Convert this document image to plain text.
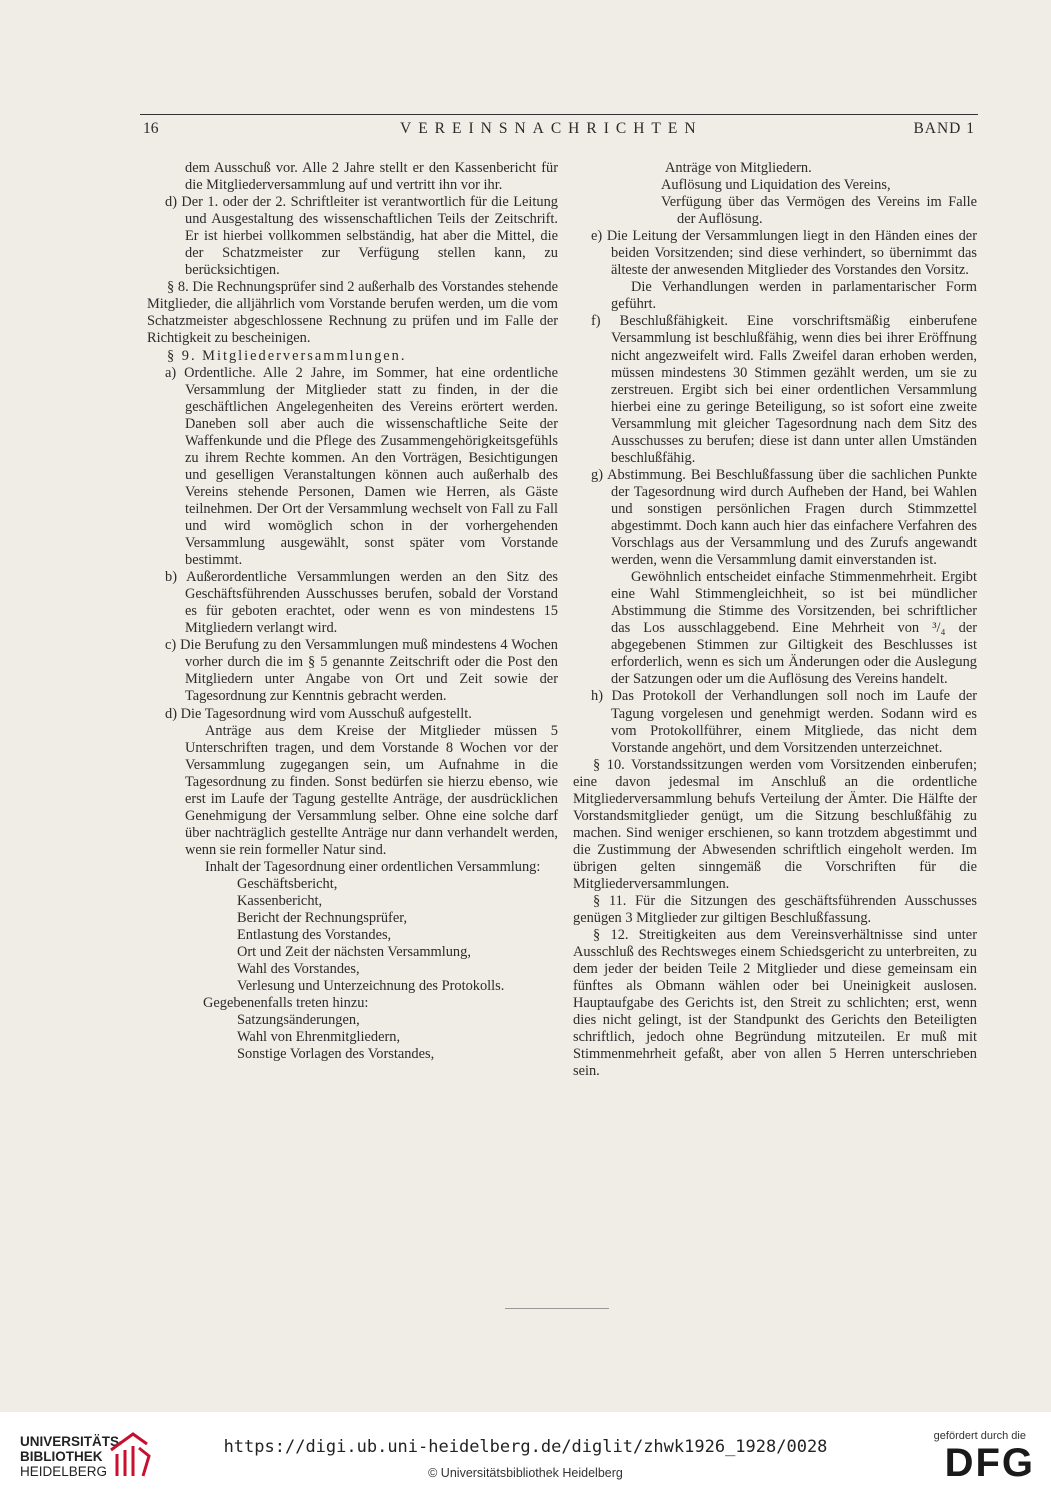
16	VEREINSNACHRICHTEN	BAND 1

dem Ausschuß vor. Alle 2 Jahre stellt er den Kassenbericht für die Mitgliederversammlung auf und vertritt ihn vor ihr.

d) Der 1. oder der 2. Schriftleiter ist verantwortlich für die Leitung und Ausgestaltung des wissenschaftlichen Teils der Zeitschrift. Er ist hierbei vollkommen selbständig, hat aber die Mittel, die der Schatzmeister zur Verfügung stellen kann, zu berücksichtigen.

§ 8. Die Rechnungsprüfer sind 2 außerhalb des Vorstandes stehende Mitglieder, die alljährlich vom Vorstande berufen werden, um die vom Schatzmeister abgeschlossene Rechnung zu prüfen und im Falle der Richtigkeit zu bescheinigen.

§ 9. Mitgliederversammlungen.

a) Ordentliche. Alle 2 Jahre, im Sommer, hat eine ordentliche Versammlung der Mitglieder statt zu finden, in der die geschäftlichen Angelegenheiten des Vereins erörtert werden. Daneben soll aber auch die wissenschaftliche Seite der Waffenkunde und die Pflege des Zusammengehörigkeitsgefühls zu ihrem Rechte kommen. An den Vorträgen, Besichtigungen und geselligen Veranstaltungen können auch außerhalb des Vereins stehende Personen, Damen wie Herren, als Gäste teilnehmen. Der Ort der Versammlung wechselt von Fall zu Fall und wird womöglich schon in der vorhergehenden Versammlung ausgewählt, sonst später vom Vorstande bestimmt.

b) Außerordentliche Versammlungen werden an den Sitz des Geschäftsführenden Ausschusses berufen, sobald der Vorstand es für geboten erachtet, oder wenn es von mindestens 15 Mitgliedern verlangt wird.

c) Die Berufung zu den Versammlungen muß mindestens 4 Wochen vorher durch die im § 5 genannte Zeitschrift oder die Post den Mitgliedern unter Angabe von Ort und Zeit sowie der Tagesordnung zur Kenntnis gebracht werden.

d) Die Tagesordnung wird vom Ausschuß aufgestellt.

Anträge aus dem Kreise der Mitglieder müssen 5 Unterschriften tragen, und dem Vorstande 8 Wochen vor der Versammlung zugegangen sein, um Aufnahme in die Tagesordnung zu finden. Sonst bedürfen sie hierzu ebenso, wie erst im Laufe der Tagung gestellte Anträge, der ausdrücklichen Genehmigung der Versammlung selber. Ohne eine solche darf über nachträglich gestellte Anträge nur dann verhandelt werden, wenn sie rein formeller Natur sind.

Inhalt der Tagesordnung einer ordentlichen Versammlung:

Geschäftsbericht,

Kassenbericht,

Bericht der Rechnungsprüfer,

Entlastung des Vorstandes,

Ort und Zeit der nächsten Versammlung,

Wahl des Vorstandes,

Verlesung und Unterzeichnung des Protokolls.

Gegebenenfalls treten hinzu:

Satzungsänderungen,

Wahl von Ehrenmitgliedern,

Sonstige Vorlagen des Vorstandes,

Anträge von Mitgliedern.

Auflösung und Liquidation des Vereins,

Verfügung über das Vermögen des Vereins im Falle der Auflösung.

e) Die Leitung der Versammlungen liegt in den Händen eines der beiden Vorsitzenden; sind diese verhindert, so übernimmt das älteste der anwesenden Mitglieder des Vorstandes den Vorsitz.

Die Verhandlungen werden in parlamentarischer Form geführt.

f) Beschlußfähigkeit. Eine vorschriftsmäßig einberufene Versammlung ist beschlußfähig, wenn dies bei ihrer Eröffnung nicht angezweifelt wird. Falls Zweifel daran erhoben werden, müssen mindestens 30 Stimmen gezählt werden, um sie zu zerstreuen. Ergibt sich bei einer ordentlichen Versammlung hierbei eine zu geringe Beteiligung, so ist sofort eine zweite Versammlung mit gleicher Tagesordnung nach dem Sitz des Ausschusses zu berufen; diese ist dann unter allen Umständen beschlußfähig.

g) Abstimmung. Bei Beschlußfassung über die sachlichen Punkte der Tagesordnung wird durch Aufheben der Hand, bei Wahlen und sonstigen persönlichen Fragen durch Stimmzettel abgestimmt. Doch kann auch hier das einfachere Verfahren des Vorschlags aus der Versammlung und des Zurufs angewandt werden, wenn die Versammlung damit einverstanden ist.

Gewöhnlich entscheidet einfache Stimmenmehrheit. Ergibt eine Wahl Stimmengleichheit, so ist bei mündlicher Abstimmung die Stimme des Vorsitzenden, bei schriftlicher das Los ausschlaggebend. Eine Mehrheit von ³/₄ der abgegebenen Stimmen zur Giltigkeit des Beschlusses ist erforderlich, wenn es sich um Änderungen oder die Auslegung der Satzungen oder um die Auflösung des Vereins handelt.

h) Das Protokoll der Verhandlungen soll noch im Laufe der Tagung vorgelesen und genehmigt werden. Sodann wird es vom Protokollführer, einem Mitgliede, das nicht dem Vorstande angehört, und dem Vorsitzenden unterzeichnet.

§ 10. Vorstandssitzungen werden vom Vorsitzenden einberufen; eine davon jedesmal im Anschluß an die ordentliche Mitgliederversammlung behufs Verteilung der Ämter. Die Hälfte der Vorstandsmitglieder genügt, um die Sitzung beschlußfähig zu machen. Sind weniger erschienen, so kann trotzdem abgestimmt und die Zustimmung der Abwesenden schriftlich eingeholt werden. Im übrigen gelten sinngemäß die Vorschriften für die Mitgliederversammlungen.

§ 11. Für die Sitzungen des geschäftsführenden Ausschusses genügen 3 Mitglieder zur giltigen Beschlußfassung.

§ 12. Streitigkeiten aus dem Vereinsverhältnisse sind unter Ausschluß des Rechtsweges einem Schiedsgericht zu unterbreiten, zu dem jeder der beiden Teile 2 Mitglieder und diese gemeinsam ein fünftes als Obmann wählen oder bei Uneinigkeit auslosen. Hauptaufgabe des Gerichts ist, den Streit zu schlichten; erst, wenn dies nicht gelingt, ist der Standpunkt des Gerichts den Beteiligten schriftlich, jedoch ohne Begründung mitzuteilen. Er muß mit Stimmenmehrheit gefaßt, aber von allen 5 Herren unterschrieben sein.

UNIVERSITÄTS-
BIBLIOTHEK
HEIDELBERG
https://digi.ub.uni-heidelberg.de/diglit/zhwk1926_1928/0028
© Universitätsbibliothek Heidelberg
gefördert durch die
DFG
